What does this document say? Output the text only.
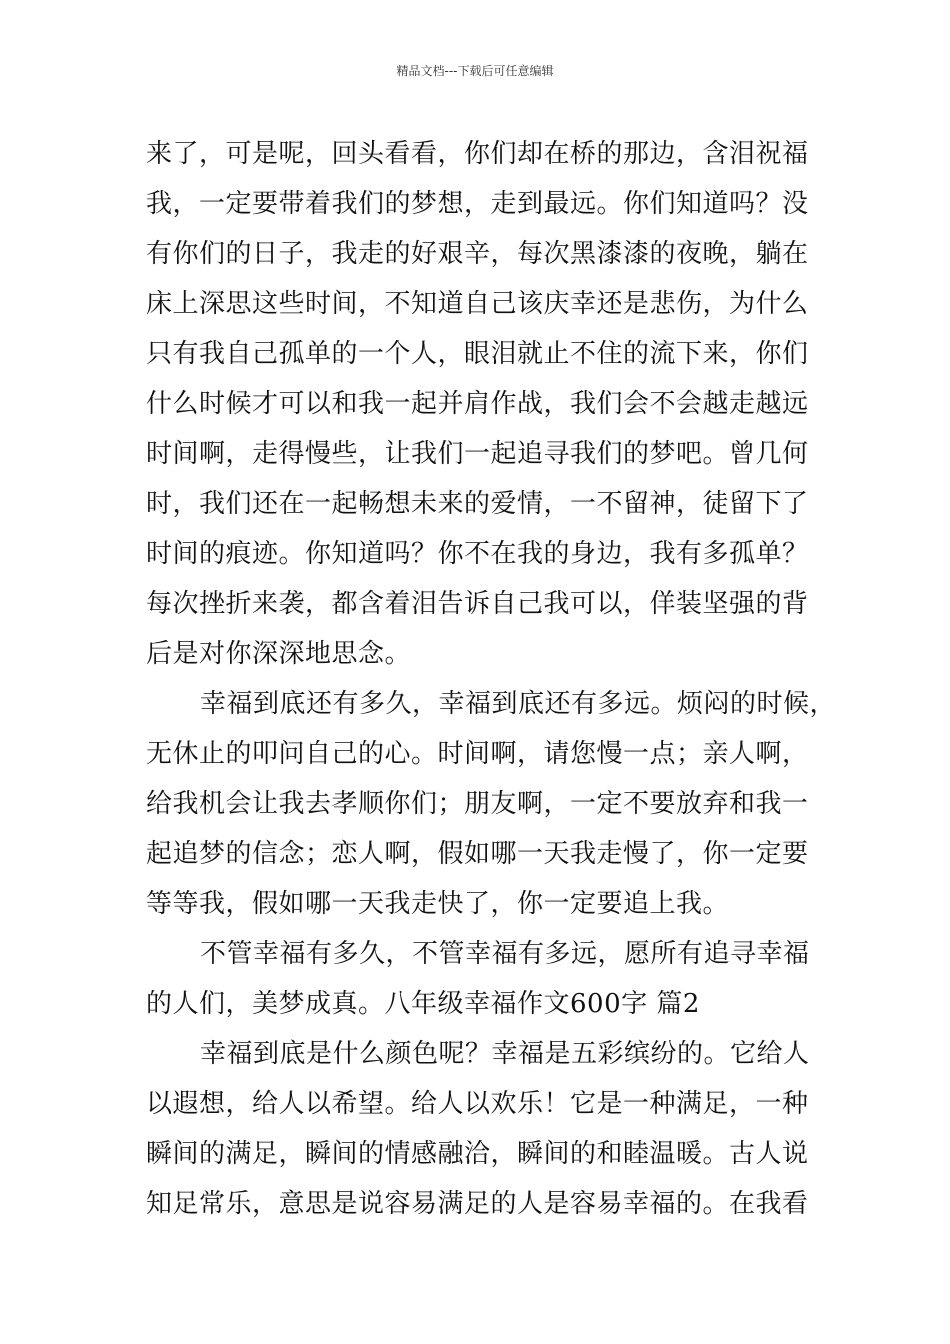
精品文档---下载后可任意编辑
来了，可是呢，回头看看，你们却在桥的那边，含泪祝福
我，一定要带着我们的梦想，走到最远。你们知道吗？没
有你们的日子，我走的好艰辛，每次黑漆漆的夜晚，躺在
床上深思这些时间，不知道自己该庆幸还是悲伤，为什么
只有我自己孤单的一个人，眼泪就止不住的流下来，你们
什么时候才可以和我一起并肩作战，我们会不会越走越远
时间啊，走得慢些，让我们一起追寻我们的梦吧。曾几何
时，我们还在一起畅想未来的爱情，一不留神，徒留下了
时间的痕迹。你知道吗？你不在我的身边，我有多孤单？
每次挫折来袭，都含着泪告诉自己我可以，佯装坚强的背
后是对你深深地思念。
幸福到底还有多久，幸福到底还有多远。烦闷的时候，
无休止的叩问自己的心。时间啊，请您慢一点；亲人啊，
给我机会让我去孝顺你们；朋友啊，一定不要放弃和我一
起追梦的信念；恋人啊，假如哪一天我走慢了，你一定要
等等我，假如哪一天我走快了，你一定要追上我。
不管幸福有多久，不管幸福有多远，愿所有追寻幸福
的人们，美梦成真。八年级幸福作文600字 篇2
幸福到底是什么颜色呢？幸福是五彩缤纷的。它给人
以遐想，给人以希望。给人以欢乐！它是一种满足，一种
瞬间的满足，瞬间的情感融洽，瞬间的和睦温暖。古人说
知足常乐，意思是说容易满足的人是容易幸福的。在我看
